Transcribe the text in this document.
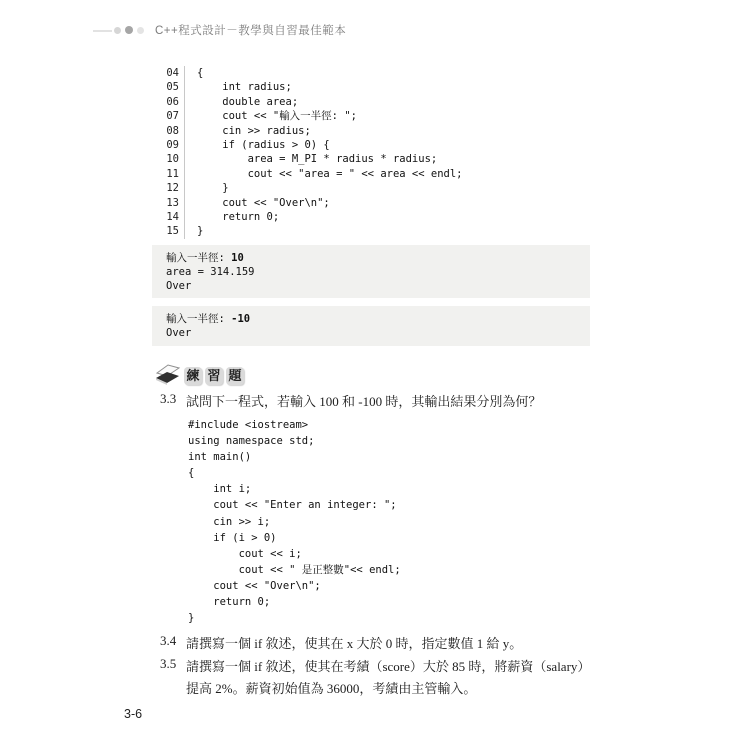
C++程式設計－教學與自習最佳範本
04	{
05	int radius;
06	double area;
07	cout << "輸入一半徑: ";
08	cin >> radius;
09	if (radius > 0) {
10	area = M_PI * radius * radius;
11	cout << "area = " << area << endl;
12	}
13	cout << "Over\n";
14	return 0;
15	}
輸入一半徑: 10
area = 314.159
Over
輸入一半徑: -10
Over
練 習 題
3.3 試問下一程式，若輸入 100 和 -100 時，其輸出結果分別為何？
#include <iostream>
using namespace std;
int main()
{
int i;
cout << "Enter an integer: ";
cin >> i;
if (i > 0)
cout << i;
cout << " 是正整數"<< endl;
cout << "Over\n";
return 0;
}
3.4 請撰寫一個 if 敘述，使其在 x 大於 0 時，指定數值 1 給 y。
3.5 請撰寫一個 if 敘述，使其在考績（score）大於 85 時，將薪資（salary）
提高 2%。薪資初始值為 36000，考績由主管輸入。
3-6
